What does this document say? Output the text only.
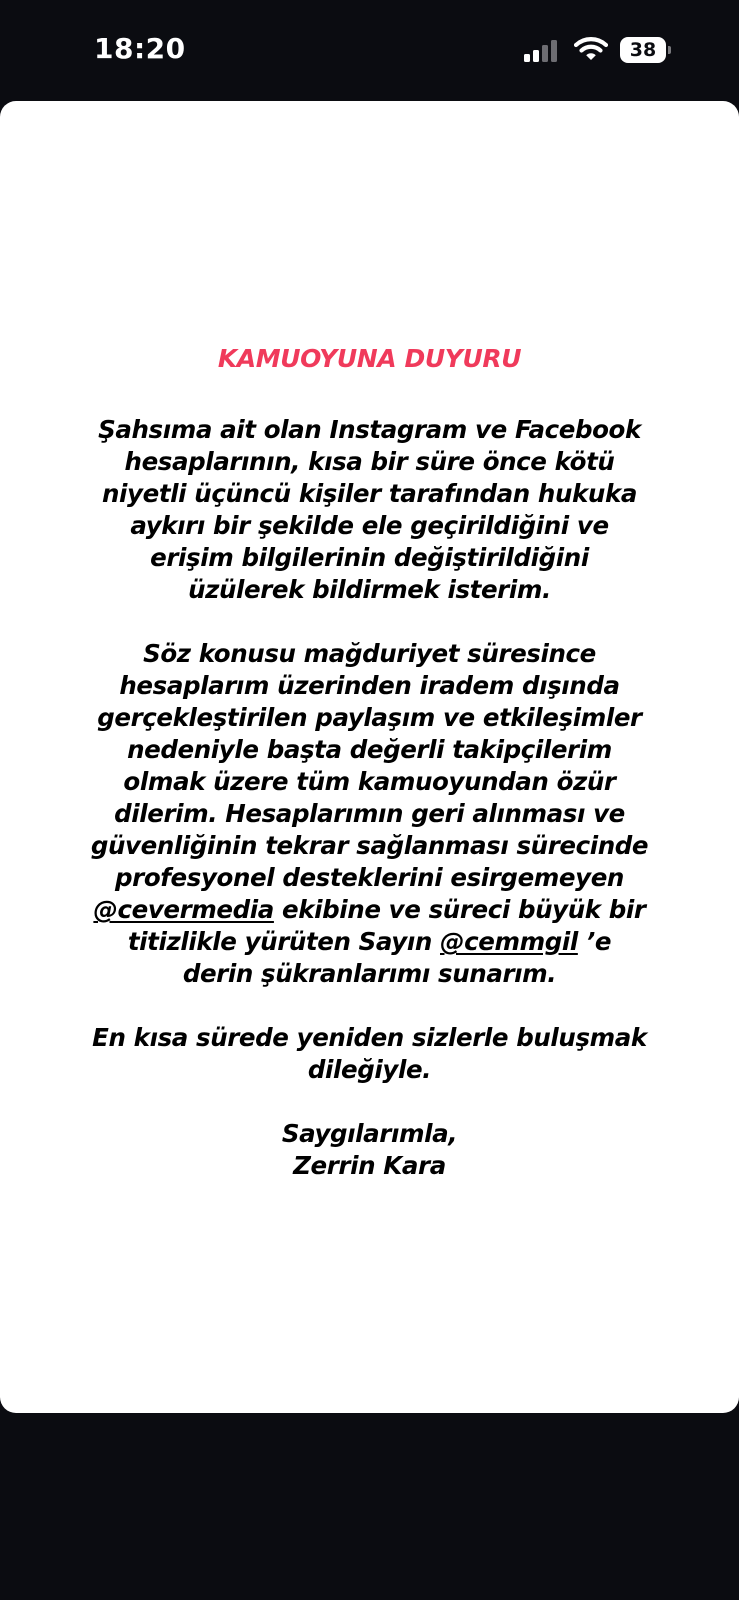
18:20	38
KAMUOYUNA DUYURU
Şahsıma ait olan Instagram ve Facebook
hesaplarının, kısa bir süre önce kötü
niyetli üçüncü kişiler tarafından hukuka
aykırı bir şekilde ele geçirildiğini ve
erişim bilgilerinin değiştirildiğini
üzülerek bildirmek isterim.
Söz konusu mağduriyet süresince
hesaplarım üzerinden iradem dışında
gerçekleştirilen paylaşım ve etkileşimler
nedeniyle başta değerli takipçilerim
olmak üzere tüm kamuoyundan özür
dilerim. Hesaplarımın geri alınması ve
güvenliğinin tekrar sağlanması sürecinde
profesyonel desteklerini esirgemeyen
@cevermedia ekibine ve süreci büyük bir
titizlikle yürüten Sayın @cemmgil ’e
derin şükranlarımı sunarım.
En kısa sürede yeniden sizlerle buluşmak
dileğiyle.
Saygılarımla,
Zerrin Kara
